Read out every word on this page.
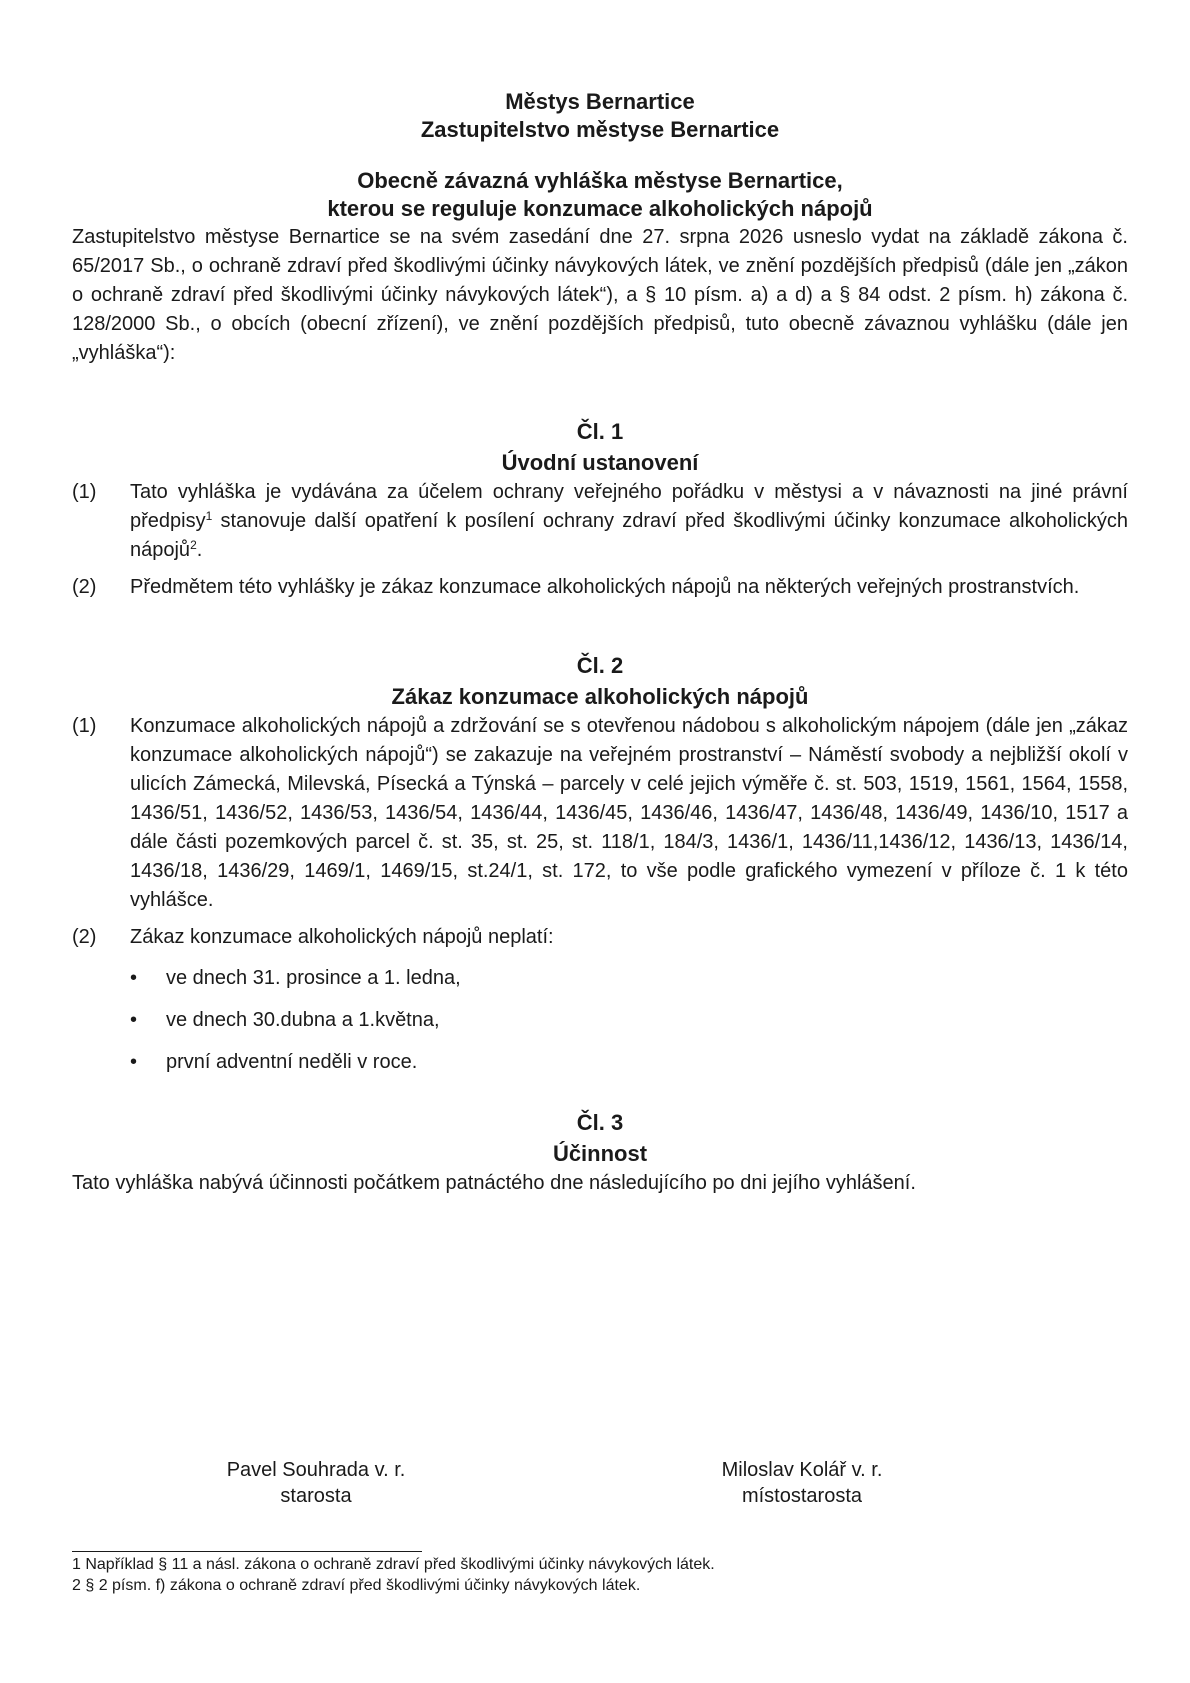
Městys Bernartice
Zastupitelstvo městyse Bernartice
Obecně závazná vyhláška městyse Bernartice,
kterou se reguluje konzumace alkoholických nápojů

Zastupitelstvo městyse Bernartice se na svém zasedání dne 27. srpna 2026 usneslo vydat na základě zákona č. 65/2017 Sb., o ochraně zdraví před škodlivými účinky návykových látek, ve znění pozdějších předpisů (dále jen „zákon o ochraně zdraví před škodlivými účinky návykových látek“), a § 10 písm. a) a d) a § 84 odst. 2 písm. h) zákona č. 128/2000 Sb., o obcích (obecní zřízení), ve znění pozdějších předpisů, tuto obecně závaznou vyhlášku (dále jen „vyhláška“):

Čl. 1
Úvodní ustanovení
(1)	Tato vyhláška je vydávána za účelem ochrany veřejného pořádku v městysi a v návaznosti na jiné právní předpisy$^1$ stanovuje další opatření k posílení ochrany zdraví před škodlivými účinky konzumace alkoholických nápojů$^2$.
(2)	Předmětem této vyhlášky je zákaz konzumace alkoholických nápojů na některých veřejných prostranstvích.
Čl. 2
Zákaz konzumace alkoholických nápojů
(1)	Konzumace alkoholických nápojů a zdržování se s otevřenou nádobou s alkoholickým nápojem (dále jen „zákaz konzumace alkoholických nápojů“) se zakazuje na veřejném prostranství – Náměstí svobody a nejbližší okolí v ulicích Zámecká, Milevská, Písecká a Týnská – parcely v celé jejich výměře č. st. 503, 1519, 1561, 1564, 1558, 1436/51, 1436/52, 1436/53, 1436/54, 1436/44, 1436/45, 1436/46, 1436/47, 1436/48, 1436/49, 1436/10, 1517 a dále části pozemkových parcel č. st. 35, st. 25, st. 118/1, 184/3, 1436/1, 1436/11,1436/12, 1436/13, 1436/14, 1436/18, 1436/29, 1469/1, 1469/15, st.24/1, st. 172, to vše podle grafického vymezení v příloze č. 1 k této vyhlášce.
(2)	Zákaz konzumace alkoholických nápojů neplatí:
•	ve dnech 31. prosince a 1. ledna,
•	ve dnech 30.dubna a 1.května,
•	první adventní neděli v roce.
Čl. 3
Účinnost

Tato vyhláška nabývá účinnosti počátkem patnáctého dne následujícího po dni jejího vyhlášení.

Pavel Souhrada v. r.
starosta
Miloslav Kolář v. r.
místostarosta
1 Například § 11 a násl. zákona o ochraně zdraví před škodlivými účinky návykových látek.
2 § 2 písm. f) zákona o ochraně zdraví před škodlivými účinky návykových látek.
